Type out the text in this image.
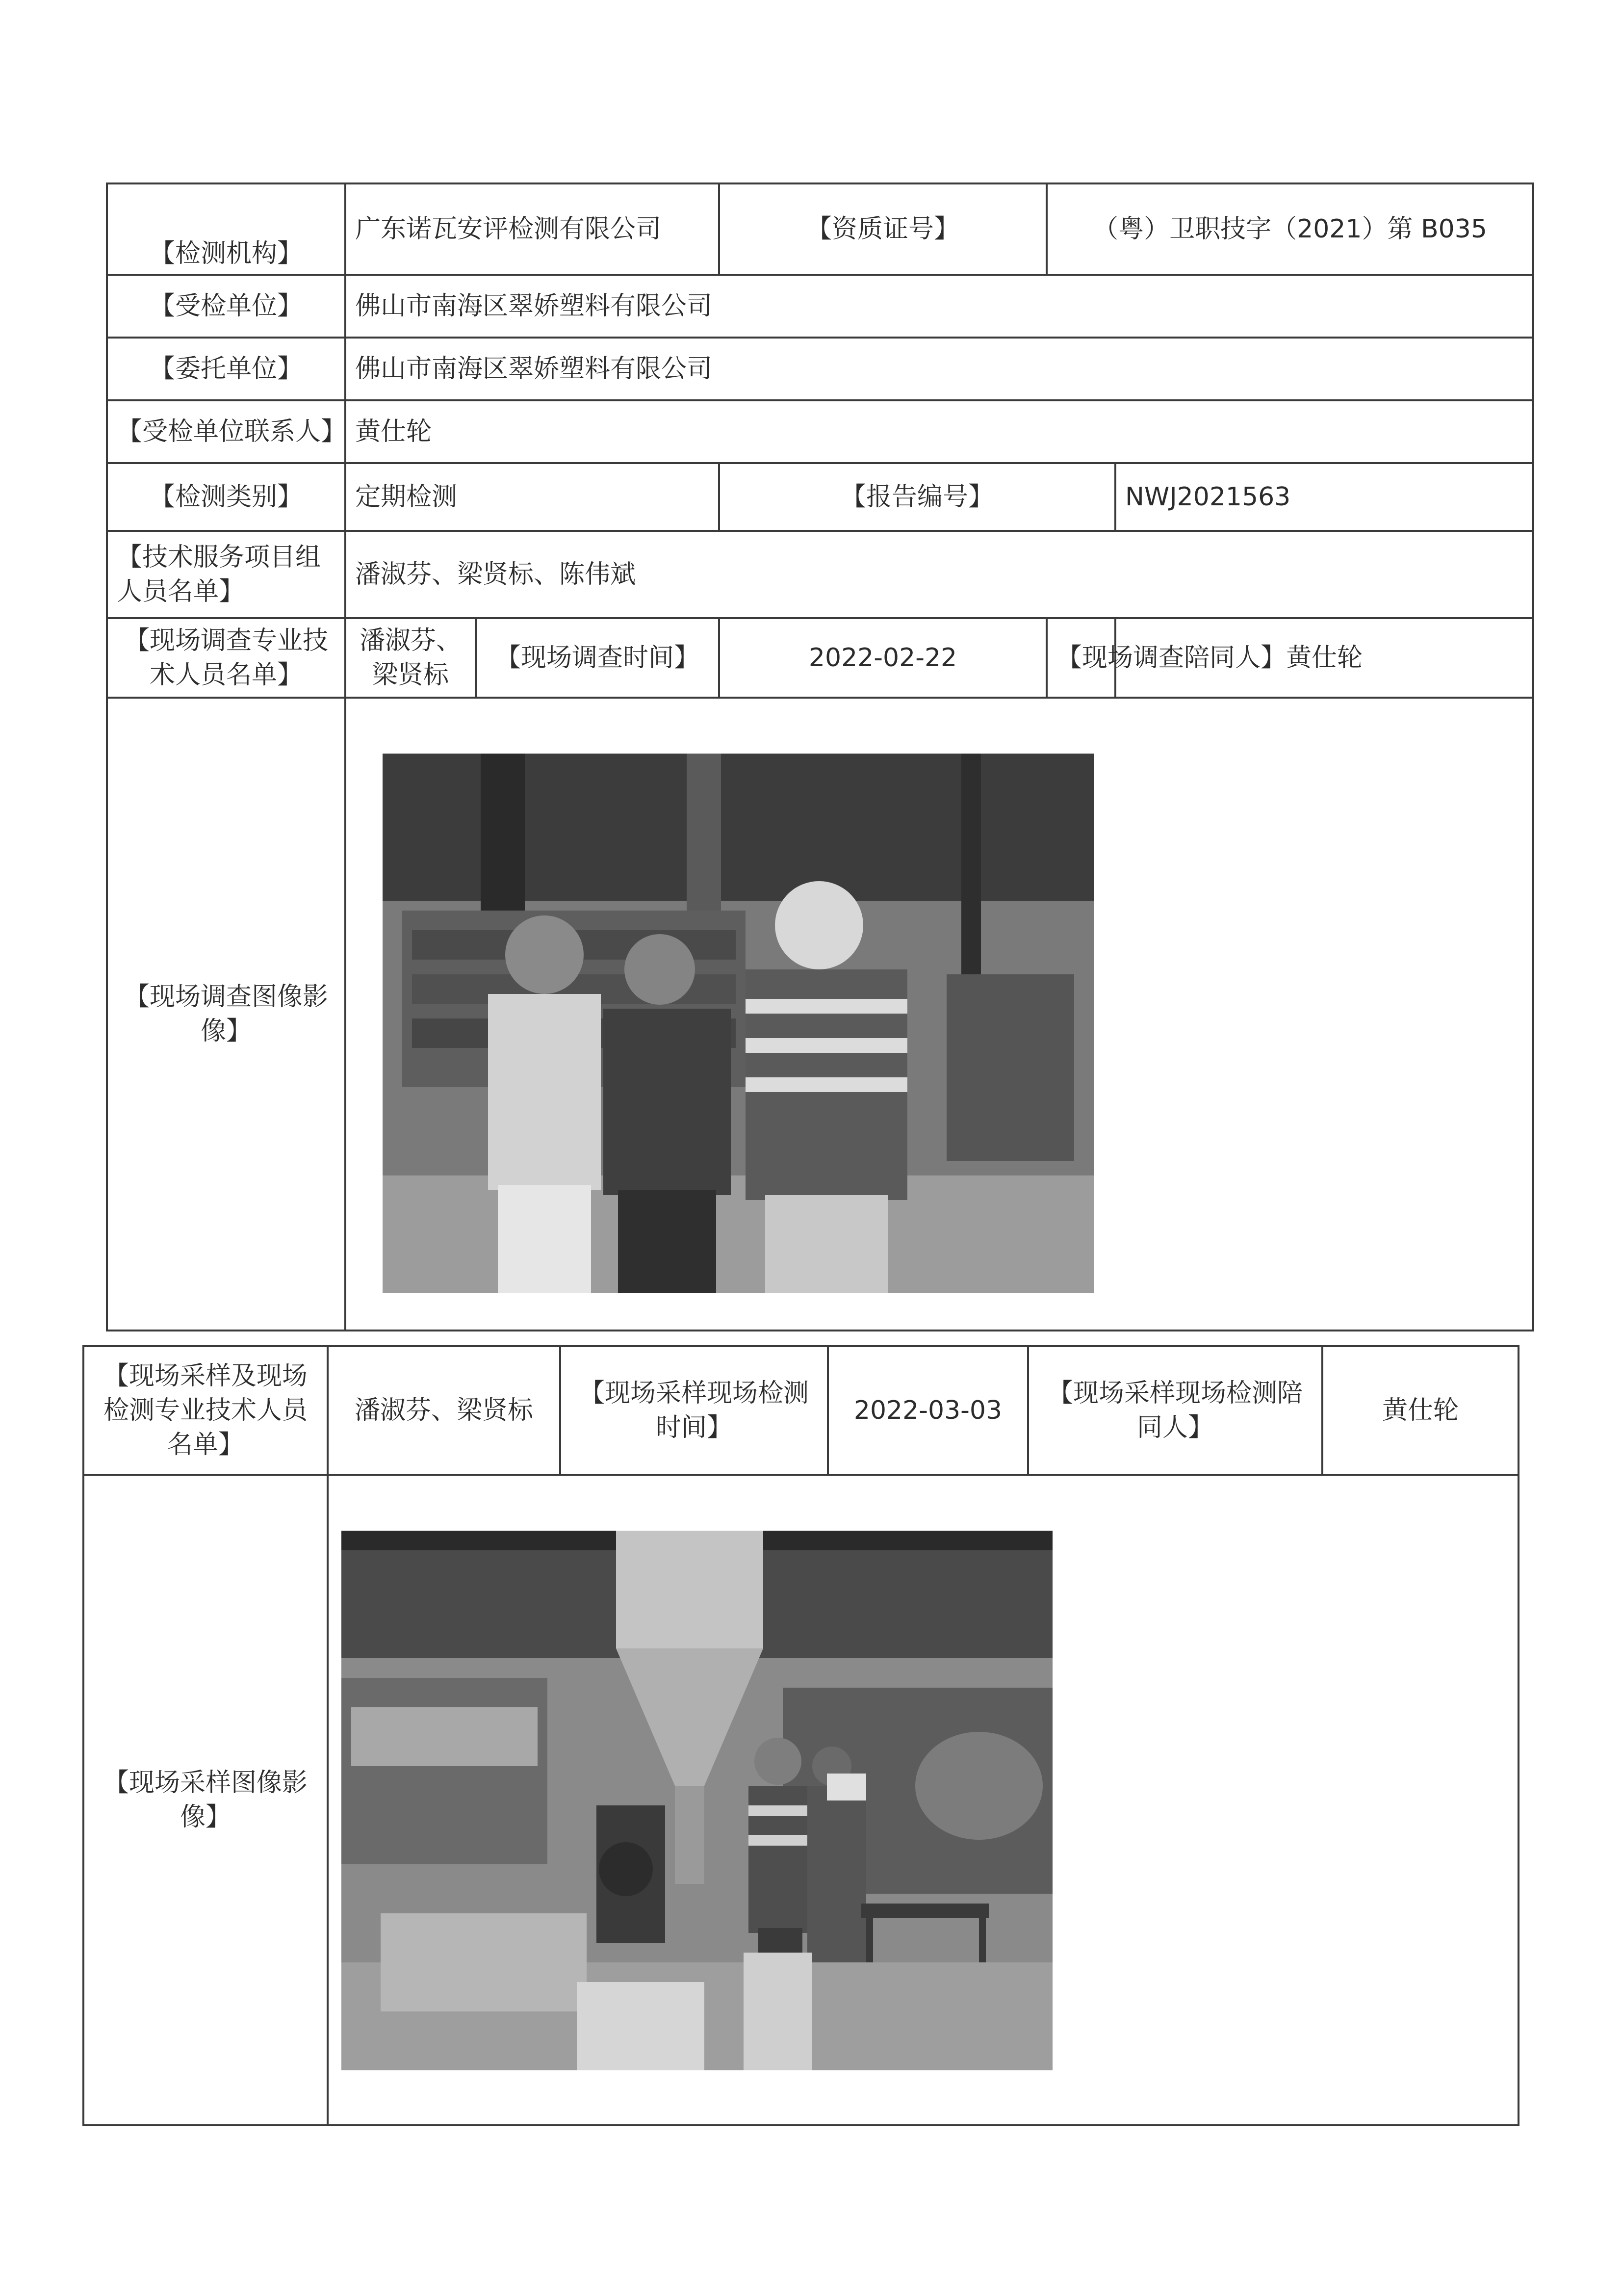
【检测机构】	广东诺瓦安评检测有限公司		【资质证号】	（粤）卫职技字（2021）第 B035	
【受检单位】	佛山市南海区翠娇塑料有限公司				
【委托单位】	佛山市南海区翠娇塑料有限公司				
【受检单位联系人】	黄仕轮				
【检测类别】	定期检测		【报告编号】		NWJ2021563
【技术服务项目组人员名单】	潘淑芬、梁贤标、陈伟斌				
【现场调查专业技术人员名单】	潘淑芬、梁贤标	【现场调查时间】	2022-02-22	【现场调查陪同人】	黄仕轮
【现场调查图像影像】					
【现场采样及现场检测专业技术人员名单】	潘淑芬、梁贤标	【现场采样现场检测时间】	2022-03-03	【现场采样现场检测陪同人】	黄仕轮
【现场采样图像影像】					
